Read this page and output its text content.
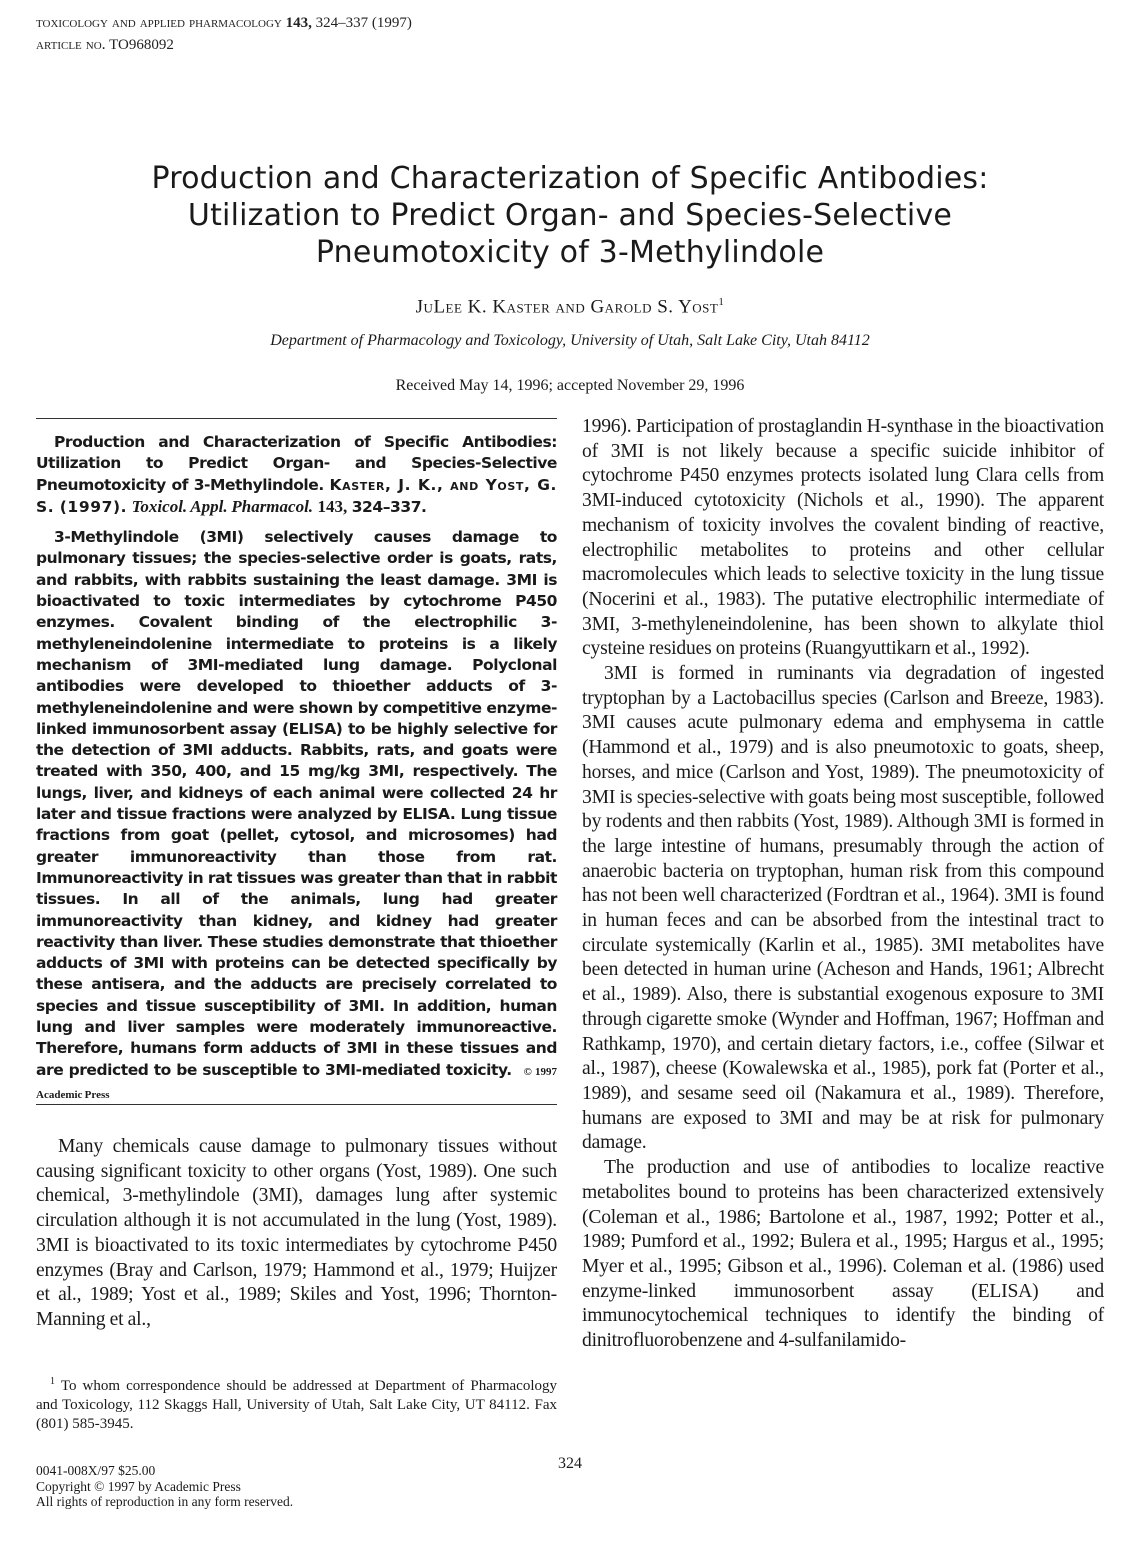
toxicology and applied pharmacology 143, 324–337 (1997)
article no. TO968092
Production and Characterization of Specific Antibodies:
Utilization to Predict Organ- and Species-Selective
Pneumotoxicity of 3-Methylindole
JuLee K. Kaster and Garold S. Yost$^1$
Department of Pharmacology and Toxicology, University of Utah, Salt Lake City, Utah 84112
Received May 14, 1996; accepted November 29, 1996

Production and Characterization of Specific Antibodies: Utilization to Predict Organ- and Species-Selective Pneumotoxicity of 3-Methylindole. Kaster, J. K., and Yost, G. S. (1997). Toxicol. Appl. Pharmacol. 143, 324–337.

3-Methylindole (3MI) selectively causes damage to pulmonary tissues; the species-selective order is goats, rats, and rabbits, with rabbits sustaining the least damage. 3MI is bioactivated to toxic intermediates by cytochrome P450 enzymes. Covalent binding of the electrophilic 3-methyleneindolenine intermediate to proteins is a likely mechanism of 3MI-mediated lung damage. Polyclonal antibodies were developed to thioether adducts of 3-methyleneindolenine and were shown by competitive enzyme-linked immunosorbent assay (ELISA) to be highly selective for the detection of 3MI adducts. Rabbits, rats, and goats were treated with 350, 400, and 15 mg/kg 3MI, respectively. The lungs, liver, and kidneys of each animal were collected 24 hr later and tissue fractions were analyzed by ELISA. Lung tissue fractions from goat (pellet, cytosol, and microsomes) had greater immunoreactivity than those from rat. Immunoreactivity in rat tissues was greater than that in rabbit tissues. In all of the animals, lung had greater immunoreactivity than kidney, and kidney had greater reactivity than liver. These studies demonstrate that thioether adducts of 3MI with proteins can be detected specifically by these antisera, and the adducts are precisely correlated to species and tissue susceptibility of 3MI. In addition, human lung and liver samples were moderately immunoreactive. Therefore, humans form adducts of 3MI in these tissues and are predicted to be susceptible to 3MI-mediated toxicity. © 1997 Academic Press

Many chemicals cause damage to pulmonary tissues without causing significant toxicity to other organs (Yost, 1989). One such chemical, 3-methylindole (3MI), damages lung after systemic circulation although it is not accumulated in the lung (Yost, 1989). 3MI is bioactivated to its toxic intermediates by cytochrome P450 enzymes (Bray and Carlson, 1979; Hammond et al., 1979; Huijzer et al., 1989; Yost et al., 1989; Skiles and Yost, 1996; Thornton-Manning et al.,

$^1$ To whom correspondence should be addressed at Department of Pharmacology and Toxicology, 112 Skaggs Hall, University of Utah, Salt Lake City, UT 84112. Fax (801) 585-3945.

1996). Participation of prostaglandin H-synthase in the bioactivation of 3MI is not likely because a specific suicide inhibitor of cytochrome P450 enzymes protects isolated lung Clara cells from 3MI-induced cytotoxicity (Nichols et al., 1990). The apparent mechanism of toxicity involves the covalent binding of reactive, electrophilic metabolites to proteins and other cellular macromolecules which leads to selective toxicity in the lung tissue (Nocerini et al., 1983). The putative electrophilic intermediate of 3MI, 3-methyleneindolenine, has been shown to alkylate thiol cysteine residues on proteins (Ruangyuttikarn et al., 1992).

3MI is formed in ruminants via degradation of ingested tryptophan by a Lactobacillus species (Carlson and Breeze, 1983). 3MI causes acute pulmonary edema and emphysema in cattle (Hammond et al., 1979) and is also pneumotoxic to goats, sheep, horses, and mice (Carlson and Yost, 1989). The pneumotoxicity of 3MI is species-selective with goats being most susceptible, followed by rodents and then rabbits (Yost, 1989). Although 3MI is formed in the large intestine of humans, presumably through the action of anaerobic bacteria on tryptophan, human risk from this compound has not been well characterized (Fordtran et al., 1964). 3MI is found in human feces and can be absorbed from the intestinal tract to circulate systemically (Karlin et al., 1985). 3MI metabolites have been detected in human urine (Acheson and Hands, 1961; Albrecht et al., 1989). Also, there is substantial exogenous exposure to 3MI through cigarette smoke (Wynder and Hoffman, 1967; Hoffman and Rathkamp, 1970), and certain dietary factors, i.e., coffee (Silwar et al., 1987), cheese (Kowalewska et al., 1985), pork fat (Porter et al., 1989), and sesame seed oil (Nakamura et al., 1989). Therefore, humans are exposed to 3MI and may be at risk for pulmonary damage.

The production and use of antibodies to localize reactive metabolites bound to proteins has been characterized extensively (Coleman et al., 1986; Bartolone et al., 1987, 1992; Potter et al., 1989; Pumford et al., 1992; Bulera et al., 1995; Hargus et al., 1995; Myer et al., 1995; Gibson et al., 1996). Coleman et al. (1986) used enzyme-linked immunosorbent assay (ELISA) and immunocytochemical techniques to identify the binding of dinitrofluorobenzene and 4-sulfanilamido-

0041-008X/97 $25.00
Copyright © 1997 by Academic Press
All rights of reproduction in any form reserved.
324
